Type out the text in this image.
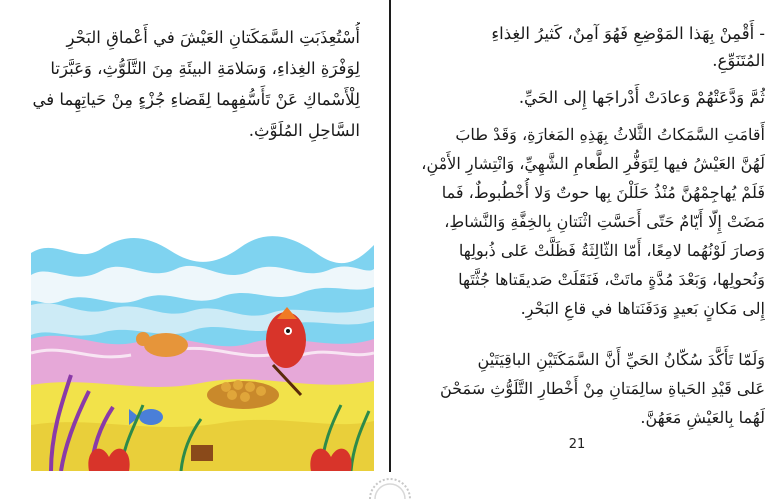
أُسْتُعِذَبَتِ السَّمَكَتانِ العَيْشَ في أَعْماقِ البَحْرِ
لِوَفْرَةِ الغِذاءِ، وَسَلامَةِ البيئَةِ مِنَ التَّلَوُّثِ، وَعَبَّرَتا
لِلْأَسْماكِ عَنْ تَأَسُّفِهِما لِقَضاءِ جُزْءٍ مِنْ حَياتِهِما في
السَّاحِلِ المُلَوَّثِ.
- أَقْمِنْ بِهَذا المَوْضِعِ فَهُوَ آمِنٌ، كَثيرُ الغِذاءِ
المُتَنَوِّعِ.
ثُمَّ وَدَّعَتْهُمْ وَعادَتْ أَدْراجَها إِلى الحَيِّ.
أَقامَتِ السَّمَكاتُ الثَّلاثُ بِهَذِهِ المَغارَةِ، وَقَدْ طابَ
لَهُنَّ العَيْشُ فيها لِتَوَفُّرِ الطَّعامِ الشَّهِيِّ، وَانْتِشارِ الأَمْنِ،
فَلَمْ يُهاجِمْهُنَّ مُنْذُ حَلَلْنَ بِها حوتٌ وَلا أُخْطُبوطٌ، فَما
مَضَتْ إِلّا أَيّامٌ حَتّى أَحَسَّتِ اثْنَتانِ بِالخِفَّةِ وَالنَّشاطِ،
وَصارَ لَوْنُهُما لامِعًا، أَمّا الثّالِثَةُ فَظَلَّتْ عَلى ذُبولِها
وَنُحولِها، وَبَعْدَ مُدَّةٍ ماتَتْ، فَنَقَلَتْ صَديقَتاها جُثَّتَها
إِلى مَكانٍ بَعيدٍ وَدَفَنَتاها في قاعِ البَحْرِ.
وَلَمّا تَأَكَّدَ سُكّانُ الحَيِّ أَنَّ السَّمَكَتَيْنِ الباقِيَتَيْنِ
عَلى قَيْدِ الحَياةِ سالِمَتانِ مِنْ أَخْطارِ التَّلَوُّثِ سَمَحْنَ
لَهُما بِالعَيْشِ مَعَهُنَّ.
21
